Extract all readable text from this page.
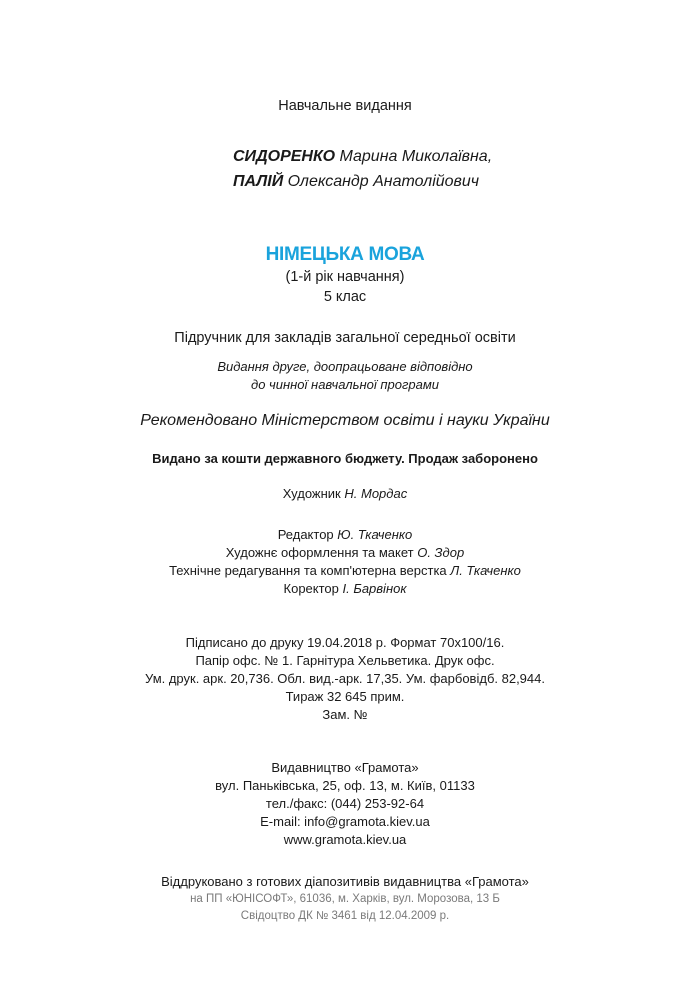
Навчальне видання
СИДОРЕНКО Марина Миколаївна,
ПАЛІЙ Олександр Анатолійович
НІМЕЦЬКА МОВА
(1-й рік навчання)
5 клас
Підручник для закладів загальної середньої освіти
Видання друге, доопрацьоване відповідно
до чинної навчальної програми
Рекомендовано Міністерством освіти і науки України
Видано за кошти державного бюджету. Продаж заборонено
Художник Н. Мордас
Редактор Ю. Ткаченко
Художнє оформлення та макет О. Здор
Технічне редагування та комп'ютерна верстка Л. Ткаченко
Коректор І. Барвінок
Підписано до друку 19.04.2018 р. Формат 70x100/16.
Папір офс. № 1. Гарнітура Хельветика. Друк офс.
Ум. друк. арк. 20,736. Обл. вид.-арк. 17,35. Ум. фарбовідб. 82,944.
Тираж 32 645 прим.
Зам. №
Видавництво «Грамота»
вул. Паньківська, 25, оф. 13, м. Київ, 01133
тел./факс: (044) 253-92-64
E-mail: info@gramota.kiev.ua
www.gramota.kiev.ua
Віддруковано з готових діапозитивів видавництва «Грамота»
на ПП «ЮНІСОФТ», 61036, м. Харків, вул. Морозова, 13 Б
Свідоцтво ДК № 3461 від 12.04.2009 р.
